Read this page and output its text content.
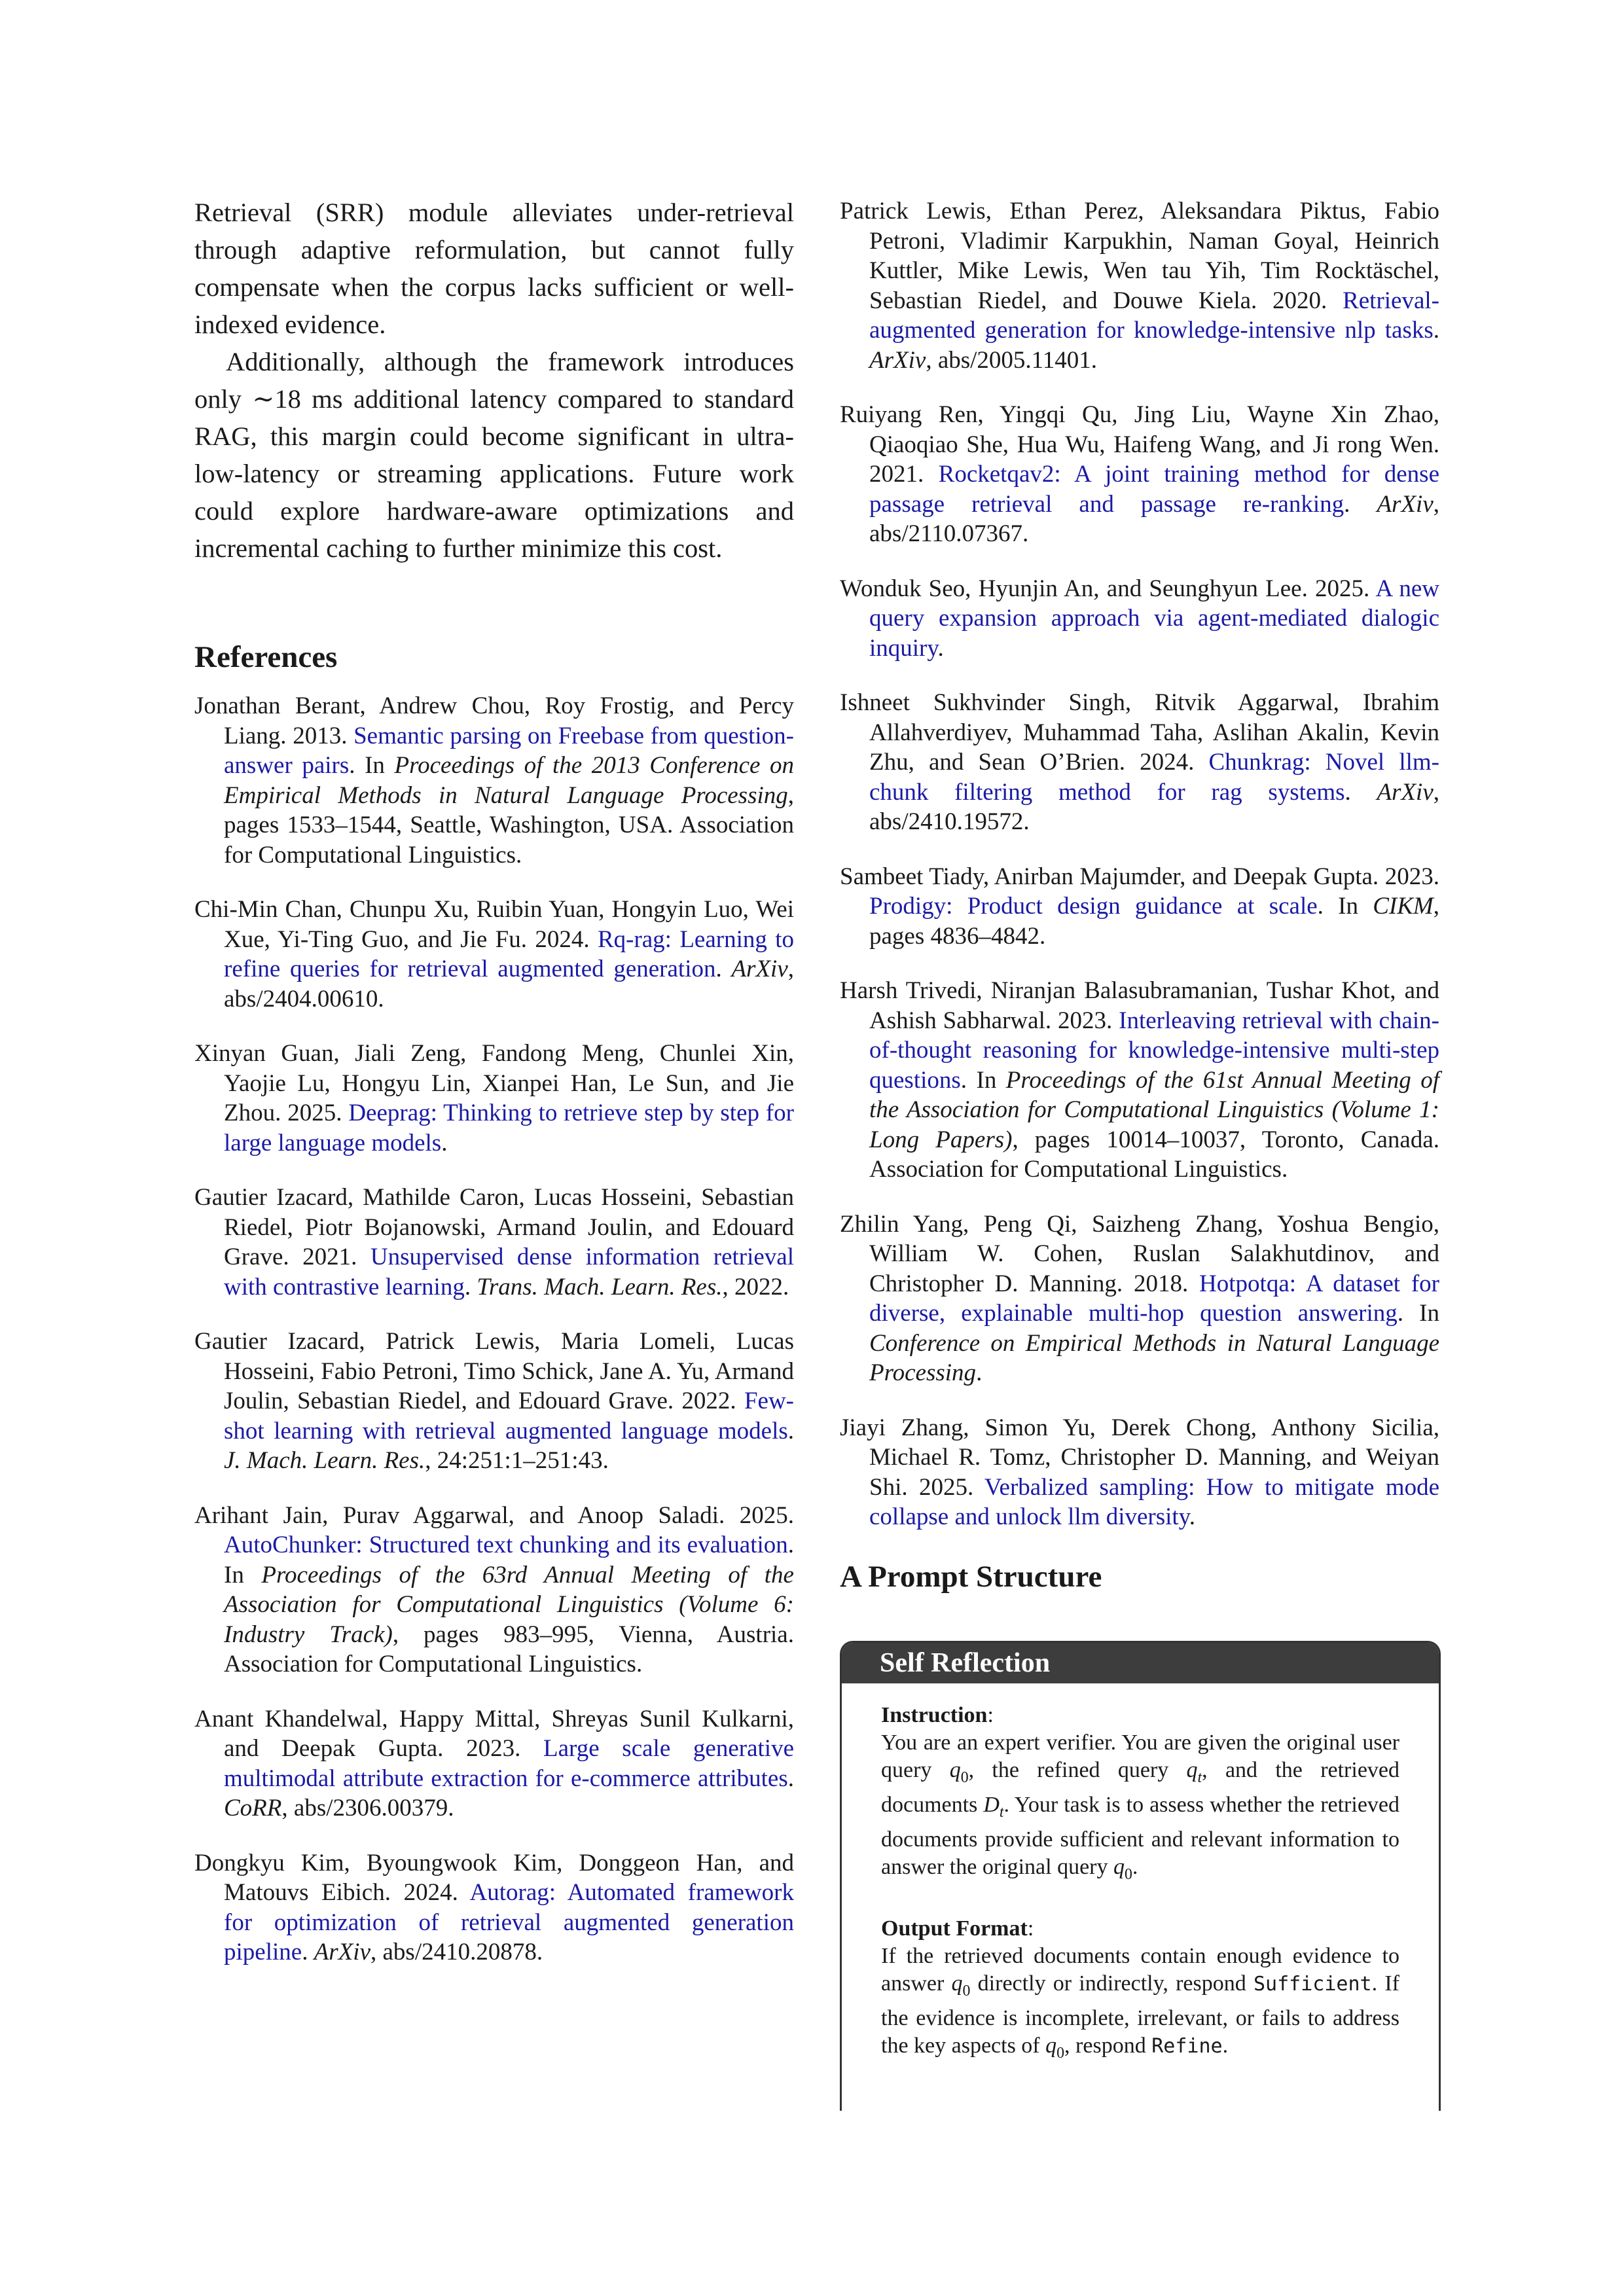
Retrieval (SRR) module alleviates under-retrieval through adaptive reformulation, but cannot fully compensate when the corpus lacks sufficient or well-indexed evidence.

Additionally, although the framework introduces only ∼18 ms additional latency compared to standard RAG, this margin could become significant in ultra-low-latency or streaming applications. Future work could explore hardware-aware optimizations and incremental caching to further minimize this cost.

References

Jonathan Berant, Andrew Chou, Roy Frostig, and Percy Liang. 2013. Semantic parsing on Freebase from question-answer pairs. In Proceedings of the 2013 Conference on Empirical Methods in Natural Language Processing, pages 1533–1544, Seattle, Washington, USA. Association for Computational Linguistics.

Chi-Min Chan, Chunpu Xu, Ruibin Yuan, Hongyin Luo, Wei Xue, Yi-Ting Guo, and Jie Fu. 2024. Rq-rag: Learning to refine queries for retrieval augmented generation. ArXiv, abs/2404.00610.

Xinyan Guan, Jiali Zeng, Fandong Meng, Chunlei Xin, Yaojie Lu, Hongyu Lin, Xianpei Han, Le Sun, and Jie Zhou. 2025. Deeprag: Thinking to retrieve step by step for large language models.

Gautier Izacard, Mathilde Caron, Lucas Hosseini, Sebastian Riedel, Piotr Bojanowski, Armand Joulin, and Edouard Grave. 2021. Unsupervised dense information retrieval with contrastive learning. Trans. Mach. Learn. Res., 2022.

Gautier Izacard, Patrick Lewis, Maria Lomeli, Lucas Hosseini, Fabio Petroni, Timo Schick, Jane A. Yu, Armand Joulin, Sebastian Riedel, and Edouard Grave. 2022. Few-shot learning with retrieval augmented language models. J. Mach. Learn. Res., 24:251:1–251:43.

Arihant Jain, Purav Aggarwal, and Anoop Saladi. 2025. AutoChunker: Structured text chunking and its evaluation. In Proceedings of the 63rd Annual Meeting of the Association for Computational Linguistics (Volume 6: Industry Track), pages 983–995, Vienna, Austria. Association for Computational Linguistics.

Anant Khandelwal, Happy Mittal, Shreyas Sunil Kulkarni, and Deepak Gupta. 2023. Large scale generative multimodal attribute extraction for e-commerce attributes. CoRR, abs/2306.00379.

Dongkyu Kim, Byoungwook Kim, Donggeon Han, and Matouvs Eibich. 2024. Autorag: Automated framework for optimization of retrieval augmented generation pipeline. ArXiv, abs/2410.20878.

Patrick Lewis, Ethan Perez, Aleksandara Piktus, Fabio Petroni, Vladimir Karpukhin, Naman Goyal, Heinrich Kuttler, Mike Lewis, Wen tau Yih, Tim Rocktäschel, Sebastian Riedel, and Douwe Kiela. 2020. Retrieval-augmented generation for knowledge-intensive nlp tasks. ArXiv, abs/2005.11401.

Ruiyang Ren, Yingqi Qu, Jing Liu, Wayne Xin Zhao, Qiaoqiao She, Hua Wu, Haifeng Wang, and Ji rong Wen. 2021. Rocketqav2: A joint training method for dense passage retrieval and passage re-ranking. ArXiv, abs/2110.07367.

Wonduk Seo, Hyunjin An, and Seunghyun Lee. 2025. A new query expansion approach via agent-mediated dialogic inquiry.

Ishneet Sukhvinder Singh, Ritvik Aggarwal, Ibrahim Allahverdiyev, Muhammad Taha, Aslihan Akalin, Kevin Zhu, and Sean O’Brien. 2024. Chunkrag: Novel llm-chunk filtering method for rag systems. ArXiv, abs/2410.19572.

Sambeet Tiady, Anirban Majumder, and Deepak Gupta. 2023. Prodigy: Product design guidance at scale. In CIKM, pages 4836–4842.

Harsh Trivedi, Niranjan Balasubramanian, Tushar Khot, and Ashish Sabharwal. 2023. Interleaving retrieval with chain-of-thought reasoning for knowledge-intensive multi-step questions. In Proceedings of the 61st Annual Meeting of the Association for Computational Linguistics (Volume 1: Long Papers), pages 10014–10037, Toronto, Canada. Association for Computational Linguistics.

Zhilin Yang, Peng Qi, Saizheng Zhang, Yoshua Bengio, William W. Cohen, Ruslan Salakhutdinov, and Christopher D. Manning. 2018. Hotpotqa: A dataset for diverse, explainable multi-hop question answering. In Conference on Empirical Methods in Natural Language Processing.

Jiayi Zhang, Simon Yu, Derek Chong, Anthony Sicilia, Michael R. Tomz, Christopher D. Manning, and Weiyan Shi. 2025. Verbalized sampling: How to mitigate mode collapse and unlock llm diversity.

A Prompt Structure
Self Reflection

Instruction:
You are an expert verifier. You are given the original user query $q_0$, the refined query $q_t$, and the retrieved documents $D_t$. Your task is to assess whether the retrieved documents provide sufficient and relevant information to answer the original query $q_0$.

Output Format:
If the retrieved documents contain enough evidence to answer $q_0$ directly or indirectly, respond Sufficient. If the evidence is incomplete, irrelevant, or fails to address the key aspects of $q_0$, respond Refine.
